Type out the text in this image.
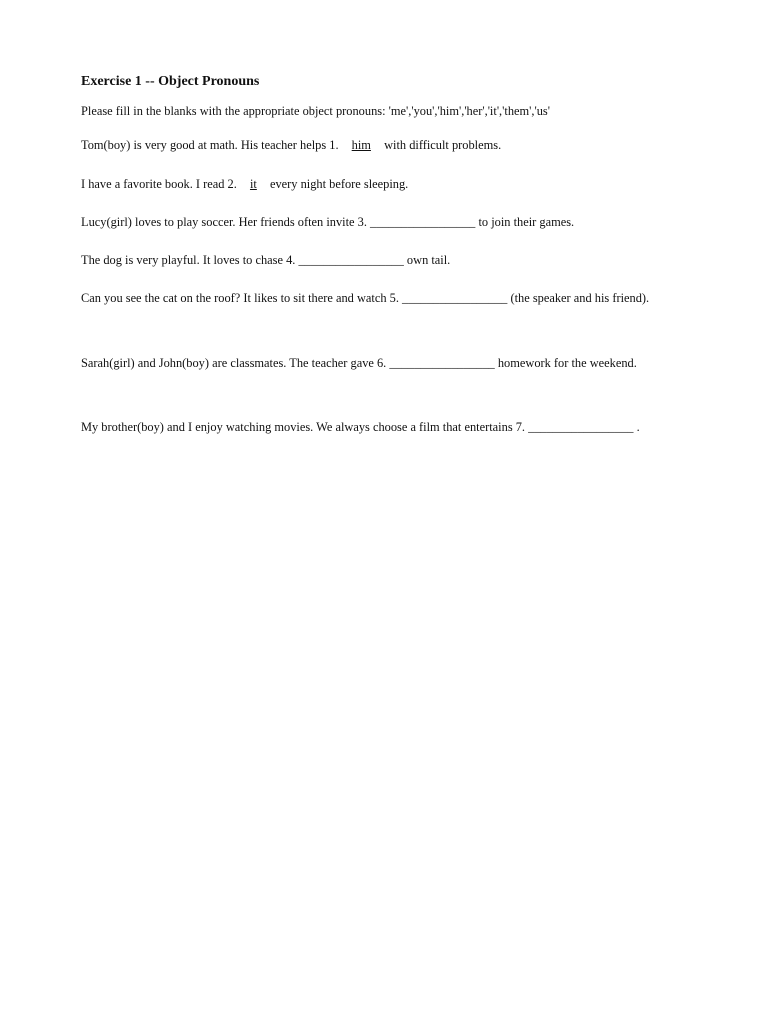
Exercise 1 -- Object Pronouns
Please fill in the blanks with the appropriate object pronouns: 'me','you','him','her','it','them','us'
Tom(boy) is very good at math. His teacher helps 1. him with difficult problems.
I have a favorite book. I read 2. it every night before sleeping.
Lucy(girl) loves to play soccer. Her friends often invite 3. _________________ to join their games.
The dog is very playful. It loves to chase 4. _________________ own tail.
Can you see the cat on the roof? It likes to sit there and watch 5. _________________ (the speaker and his friend).
Sarah(girl) and John(boy) are classmates. The teacher gave 6. _________________ homework for the weekend.
My brother(boy) and I enjoy watching movies. We always choose a film that entertains 7. _________________ .
